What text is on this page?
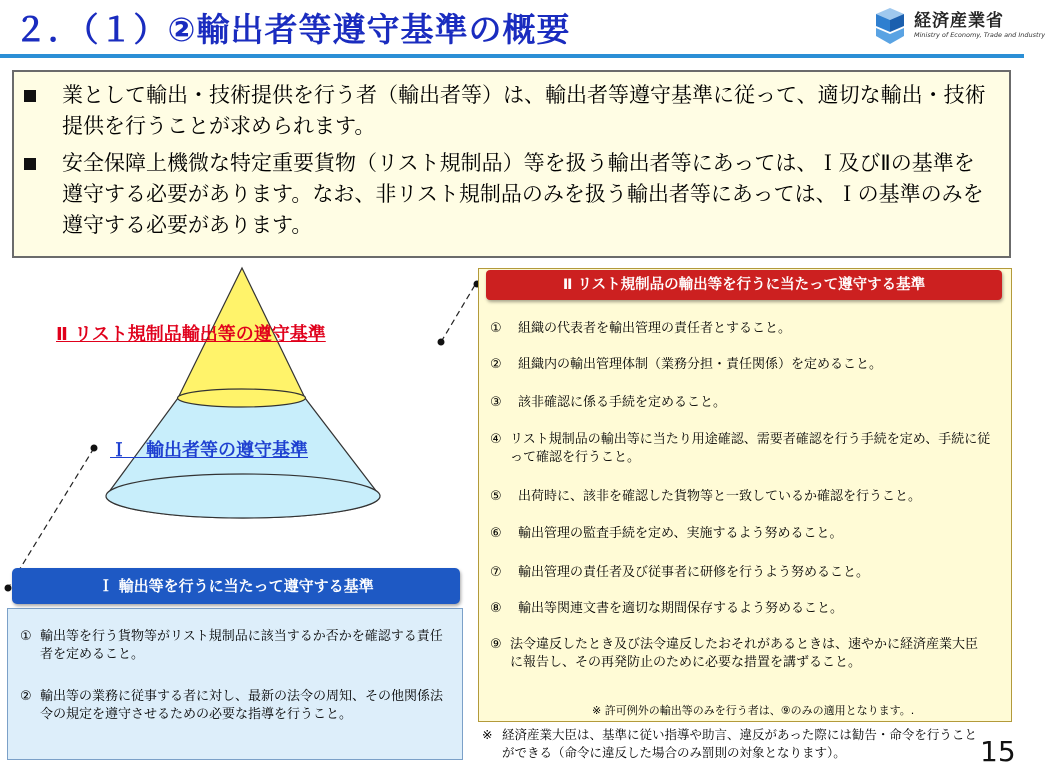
２．（１）②輸出者等遵守基準の概要	経済産業省
Ministry of Economy, Trade and Industry
業として輸出・技術提供を行う者（輸出者等）は、輸出者等遵守基準に従って、適切な輸出・技術提供を行うことが求められます。
安全保障上機微な特定重要貨物（リスト規制品）等を扱う輸出者等にあっては、Ｉ及びⅡの基準を遵守する必要があります。なお、非リスト規制品のみを扱う輸出者等にあっては、Ｉの基準のみを遵守する必要があります。
Ⅱ リスト規制品輸出等の遵守基準
Ｉ　輸出者等の遵守基準
Ⅱ リスト規制品の輸出等を行うに当たって遵守する基準
① 組織の代表者を輸出管理の責任者とすること。
② 組織内の輸出管理体制（業務分担・責任関係）を定めること。
③ 該非確認に係る手続を定めること。
④ リスト規制品の輸出等に当たり用途確認、需要者確認を行う手続を定め、手続に従って確認を行うこと。
⑤ 出荷時に、該非を確認した貨物等と一致しているか確認を行うこと。
⑥ 輸出管理の監査手続を定め、実施するよう努めること。
⑦ 輸出管理の責任者及び従事者に研修を行うよう努めること。
⑧ 輸出等関連文書を適切な期間保存するよう努めること。
⑨ 法令違反したとき及び法令違反したおそれがあるときは、速やかに経済産業大臣に報告し、その再発防止のために必要な措置を講ずること。
※ 許可例外の輸出等のみを行う者は、⑨のみの適用となります。.
Ｉ 輸出等を行うに当たって遵守する基準
① 輸出等を行う貨物等がリスト規制品に該当するか否かを確認する責任者を定めること。
② 輸出等の業務に従事する者に対し、最新の法令の周知、その他関係法令の規定を遵守させるための必要な指導を行うこと。
※ 経済産業大臣は、基準に従い指導や助言、違反があった際には勧告・命令を行うことができる（命令に違反した場合のみ罰則の対象となります）。	15
